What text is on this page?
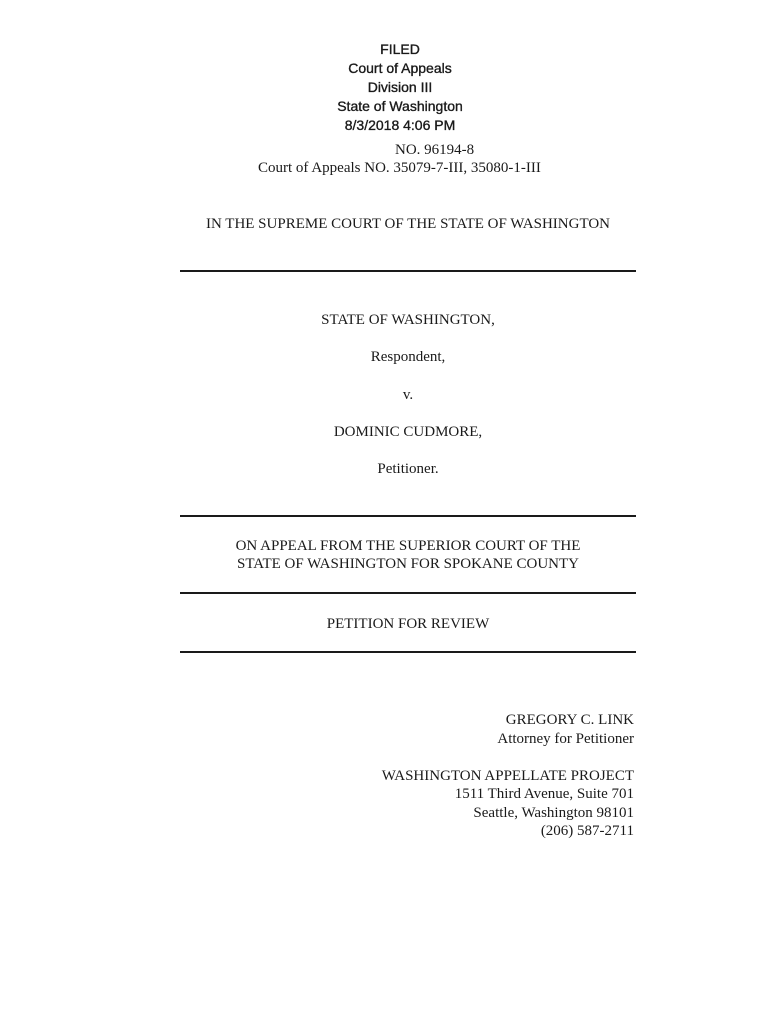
FILED
Court of Appeals
Division III
State of Washington
8/3/2018 4:06 PM
NO. 96194-8
Court of Appeals NO. 35079-7-III, 35080-1-III
IN THE SUPREME COURT OF THE STATE OF WASHINGTON
STATE OF WASHINGTON,
Respondent,
v.
DOMINIC CUDMORE,
Petitioner.
ON APPEAL FROM THE SUPERIOR COURT OF THE
STATE OF WASHINGTON FOR SPOKANE COUNTY
PETITION FOR REVIEW
GREGORY C. LINK
Attorney for Petitioner
WASHINGTON APPELLATE PROJECT
1511 Third Avenue, Suite 701
Seattle, Washington 98101
(206) 587-2711
